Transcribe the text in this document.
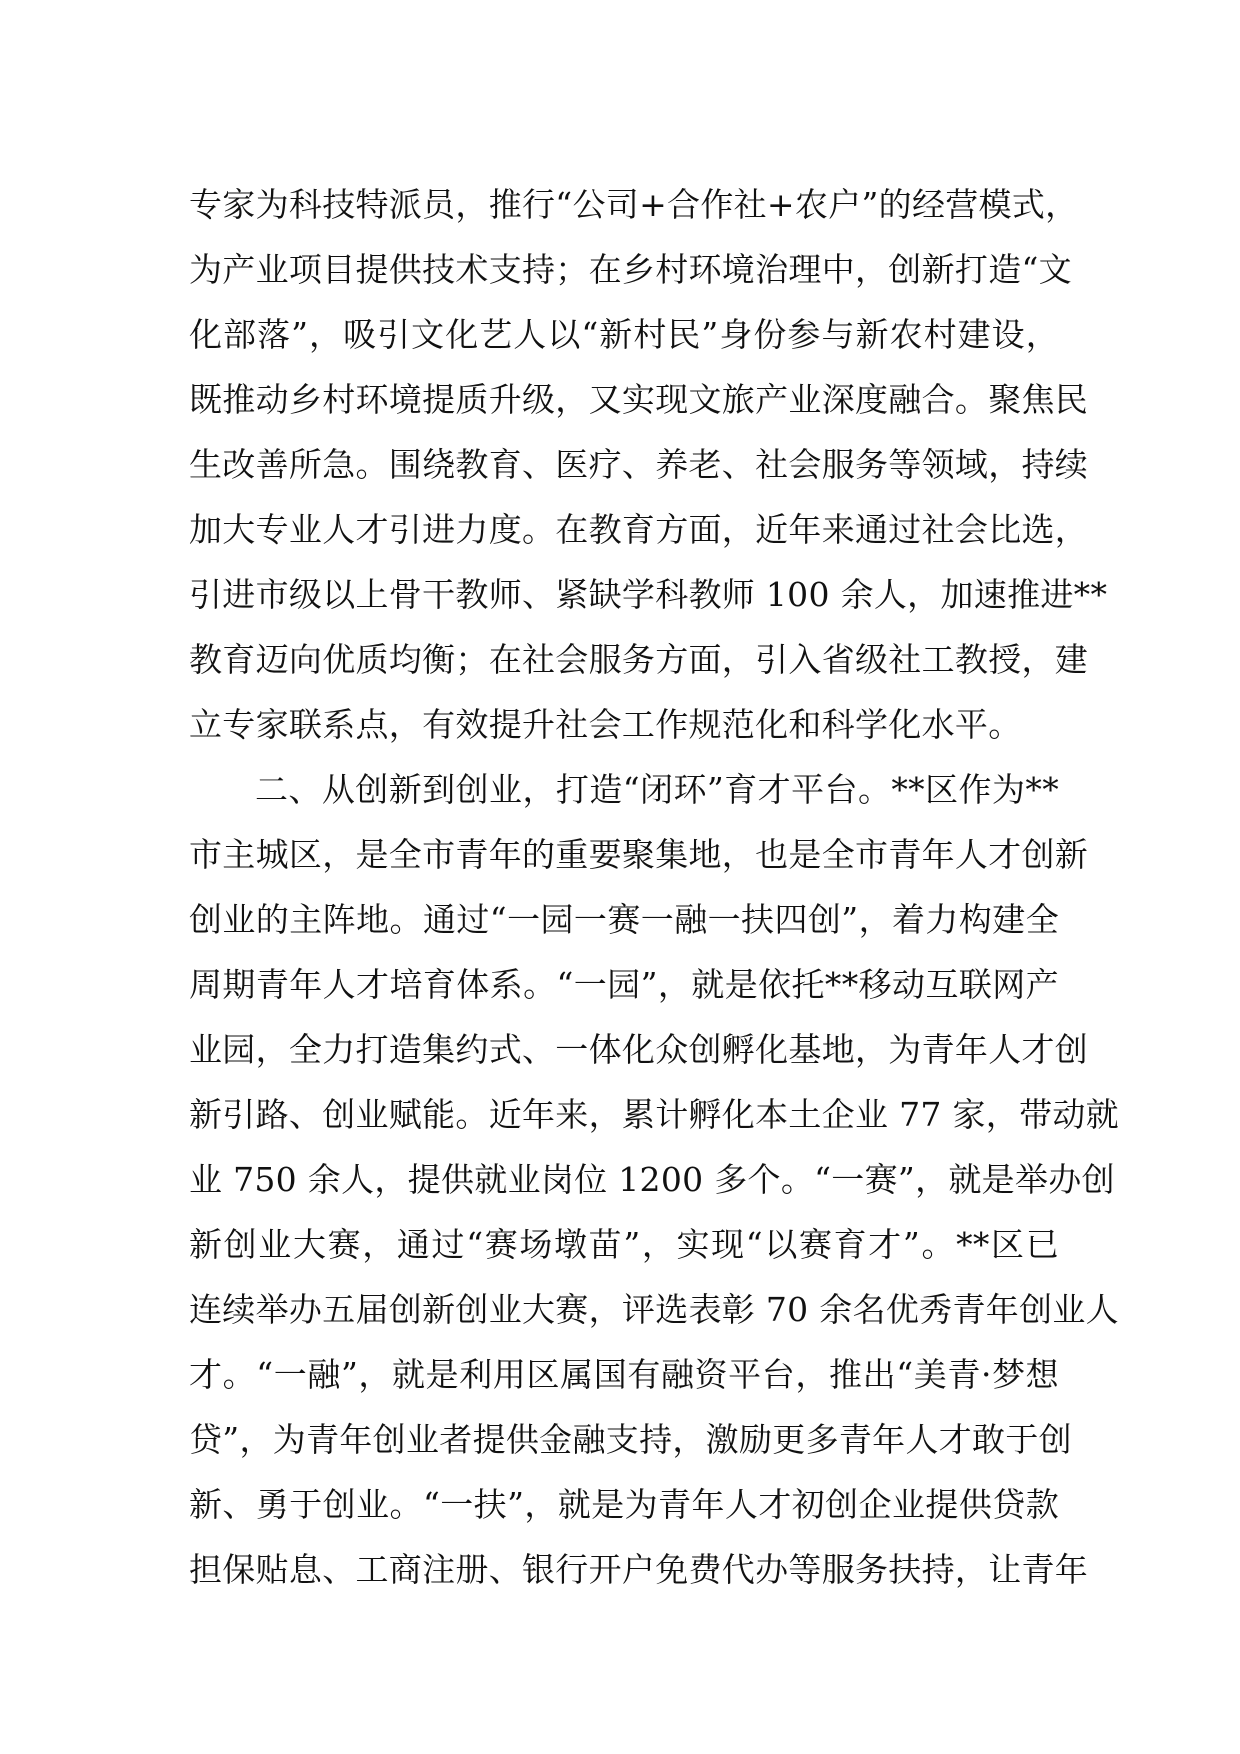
专家为科技特派员，推行“公司+合作社+农户”的经营模式，
为产业项目提供技术支持；在乡村环境治理中，创新打造“文
化部落”，吸引文化艺人以“新村民”身份参与新农村建设，
既推动乡村环境提质升级，又实现文旅产业深度融合。聚焦民
生改善所急。围绕教育、医疗、养老、社会服务等领域，持续
加大专业人才引进力度。在教育方面，近年来通过社会比选，
引进市级以上骨干教师、紧缺学科教师 100 余人，加速推进**
教育迈向优质均衡；在社会服务方面，引入省级社工教授，建
立专家联系点，有效提升社会工作规范化和科学化水平。
二、从创新到创业，打造“闭环”育才平台。**区作为**
市主城区，是全市青年的重要聚集地，也是全市青年人才创新
创业的主阵地。通过“一园一赛一融一扶四创”，着力构建全
周期青年人才培育体系。“一园”，就是依托**移动互联网产
业园，全力打造集约式、一体化众创孵化基地，为青年人才创
新引路、创业赋能。近年来，累计孵化本土企业 77 家，带动就
业 750 余人，提供就业岗位 1200 多个。“一赛”，就是举办创
新创业大赛，通过“赛场墩苗”，实现“以赛育才”。**区已
连续举办五届创新创业大赛，评选表彰 70 余名优秀青年创业人
才。“一融”，就是利用区属国有融资平台，推出“美青·梦想
贷”，为青年创业者提供金融支持，激励更多青年人才敢于创
新、勇于创业。“一扶”，就是为青年人才初创企业提供贷款
担保贴息、工商注册、银行开户免费代办等服务扶持，让青年
